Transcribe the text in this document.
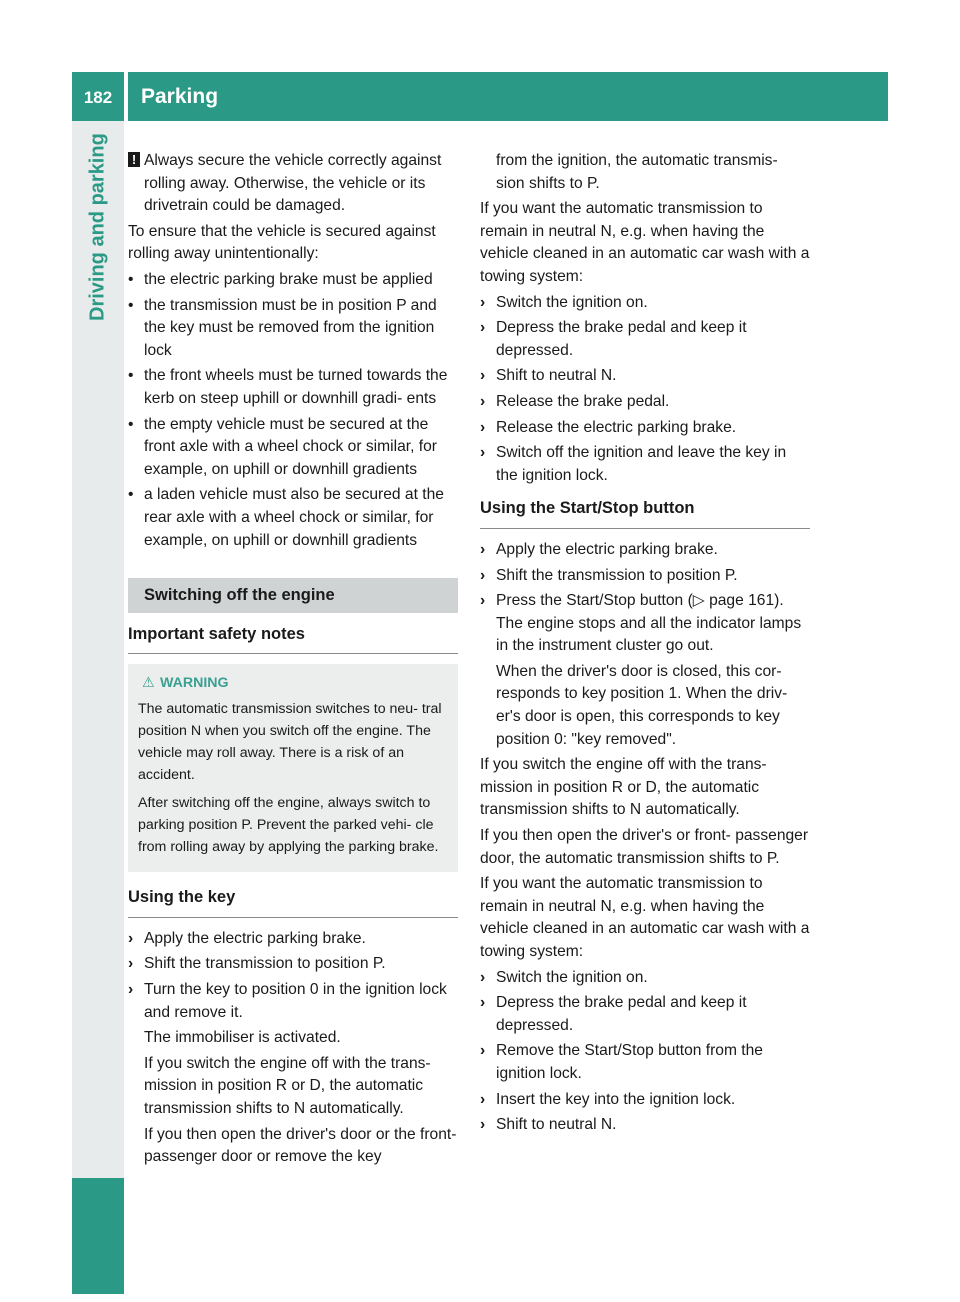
182	Parking
Driving and parking	! Always secure the vehicle correctly against rolling away. Otherwise, the vehicle or its drivetrain could be damaged.

To ensure that the vehicle is secured against rolling away unintentionally:

• the electric parking brake must be applied
• the transmission must be in position P and the key must be removed from the ignition lock
• the front wheels must be turned towards the kerb on steep uphill or downhill gradi- ents
• the empty vehicle must be secured at the front axle with a wheel chock or similar, for example, on uphill or downhill gradients
• a laden vehicle must also be secured at the rear axle with a wheel chock or similar, for example, on uphill or downhill gradients
Switching off the engine
Important safety notes
⚠ WARNING

The automatic transmission switches to neu- tral position N when you switch off the engine. The vehicle may roll away. There is a risk of an accident.

After switching off the engine, always switch to parking position P. Prevent the parked vehi- cle from rolling away by applying the parking brake.

Using the key
› Apply the electric parking brake.
› Shift the transmission to position P.
› Turn the key to position 0 in the ignition lock and remove it.

The immobiliser is activated.

If you switch the engine off with the trans- mission in position R or D, the automatic transmission shifts to N automatically.

If you then open the driver's door or the front-passenger door or remove the key

from the ignition, the automatic transmis- sion shifts to P.

If you want the automatic transmission to remain in neutral N, e.g. when having the vehicle cleaned in an automatic car wash with a towing system:

› Switch the ignition on.
› Depress the brake pedal and keep it depressed.
› Shift to neutral N.
› Release the brake pedal.
› Release the electric parking brake.
› Switch off the ignition and leave the key in the ignition lock.
Using the Start/Stop button
› Apply the electric parking brake.
› Shift the transmission to position P.
› Press the Start/Stop button (▷ page 161). The engine stops and all the indicator lamps in the instrument cluster go out.

When the driver's door is closed, this cor- responds to key position 1. When the driv- er's door is open, this corresponds to key position 0: "key removed".

If you switch the engine off with the trans- mission in position R or D, the automatic transmission shifts to N automatically.

If you then open the driver's or front- passenger door, the automatic transmission shifts to P.

If you want the automatic transmission to remain in neutral N, e.g. when having the vehicle cleaned in an automatic car wash with a towing system:

› Switch the ignition on.
› Depress the brake pedal and keep it depressed.
› Remove the Start/Stop button from the ignition lock.
› Insert the key into the ignition lock.
› Shift to neutral N.
